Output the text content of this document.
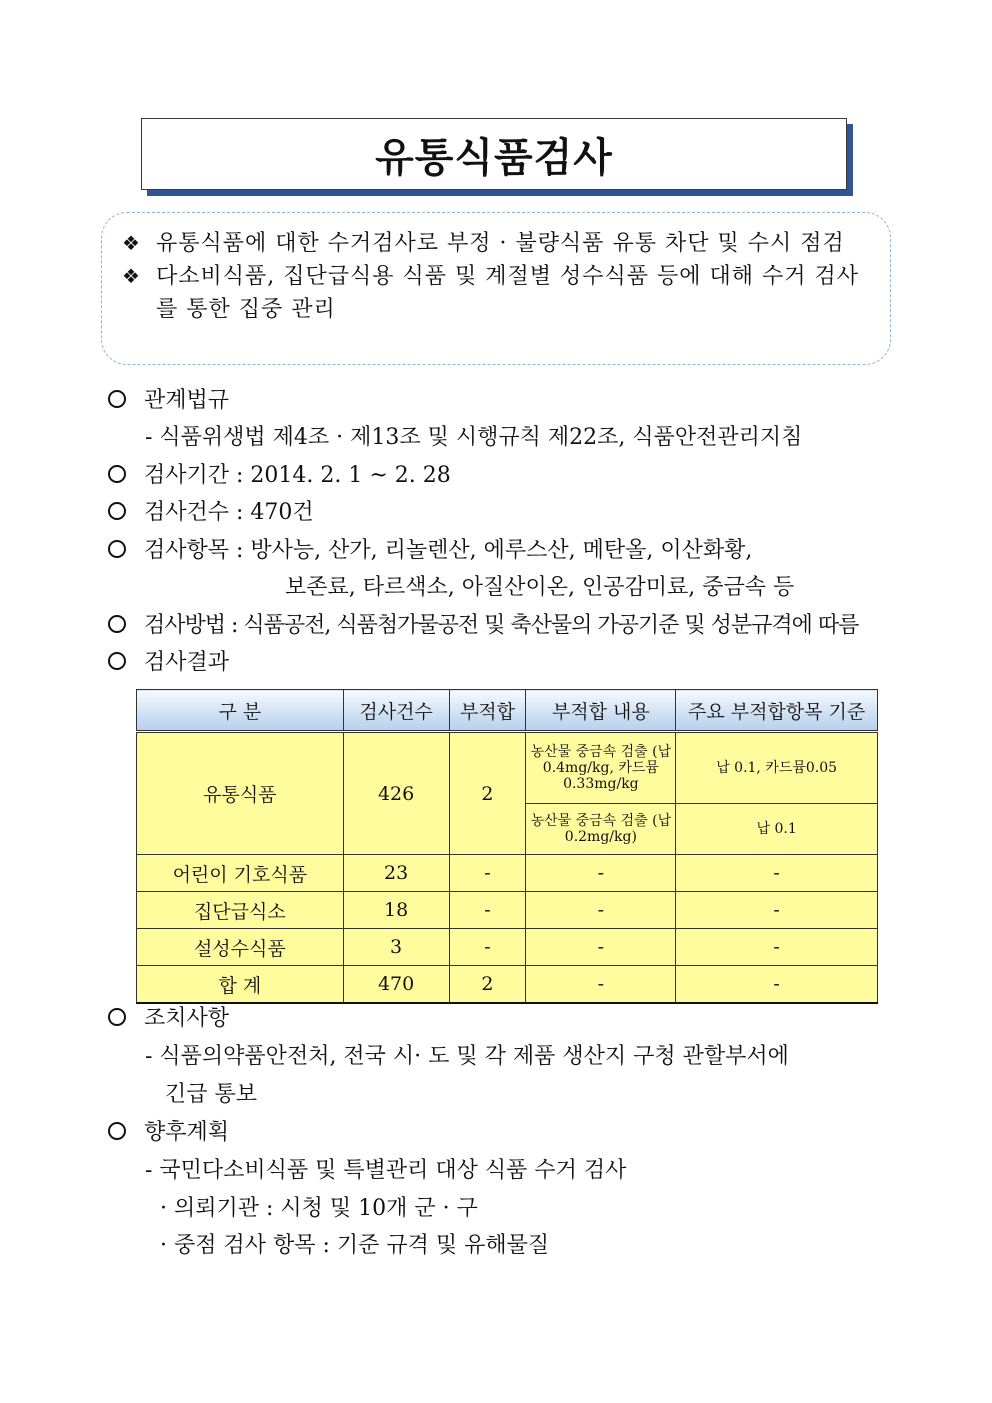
유통식품검사
❖ 유통식품에 대한 수거검사로 부정 · 불량식품 유통 차단 및 수시 점검
❖ 다소비식품, 집단급식용 식품 및 계절별 성수식품 등에 대해 수거 검사를 통한 집중 관리
관계법규
- 식품위생법 제4조 · 제13조 및 시행규칙 제22조, 식품안전관리지침
검사기간 : 2014. 2. 1 ~ 2. 28
검사건수 : 470건
검사항목 : 방사능, 산가, 리놀렌산, 에루스산, 메탄올, 이산화황,
보존료, 타르색소, 아질산이온, 인공감미료, 중금속 등
검사방법 : 식품공전, 식품첨가물공전 및 축산물의 가공기준 및 성분규격에 따름
검사결과
구 분	검사건수	부적합	부적합 내용	주요 부적합항목 기준
유통식품	426	2	농산물 중금속 검출 (납 0.4mg/kg, 카드뮴 0.33mg/kg	납 0.1, 카드뮴0.05
			농산물 중금속 검출 (납 0.2mg/kg)	납 0.1
어린이 기호식품	23	-	-	-
집단급식소	18	-	-	-
설성수식품	3	-	-	-
합 계	470	2	-	-
조치사항
- 식품의약품안전처, 전국 시· 도 및 각 제품 생산지 구청 관할부서에
긴급 통보
향후계획
- 국민다소비식품 및 특별관리 대상 식품 수거 검사
· 의뢰기관 : 시청 및 10개 군 · 구
· 중점 검사 항목 : 기준 규격 및 유해물질
